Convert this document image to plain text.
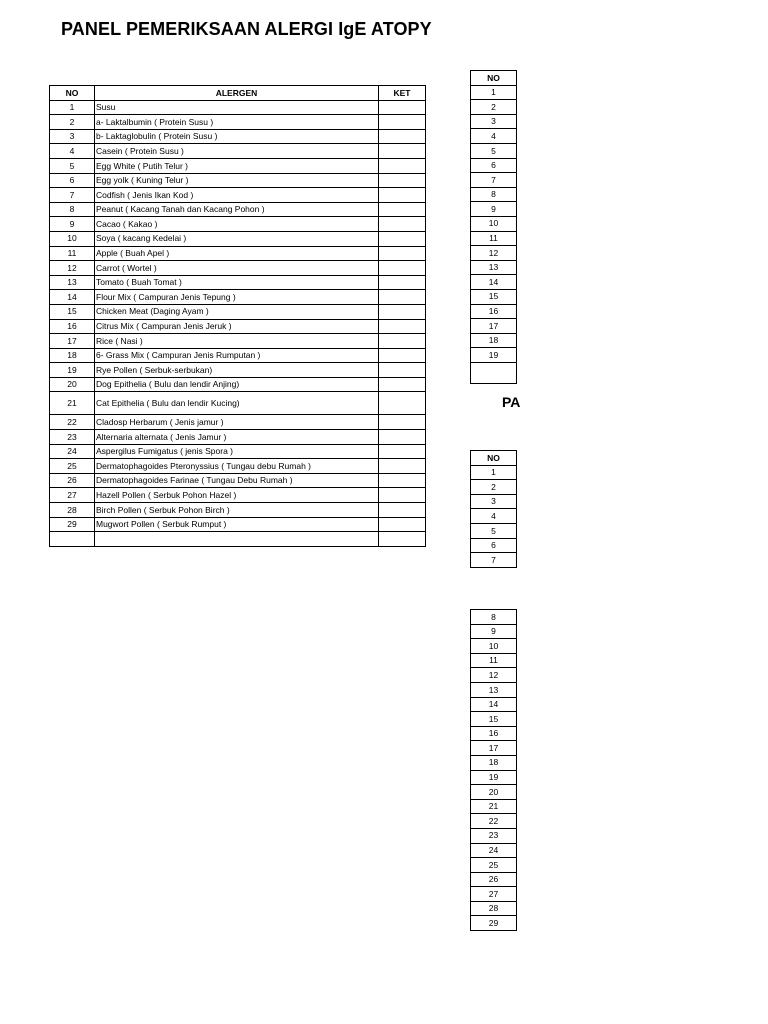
PANEL PEMERIKSAAN ALERGI IgE ATOPY
NO	ALERGEN	KET
1	Susu	
2	a- Laktalbumin ( Protein Susu )	
3	b- Laktaglobulin ( Protein Susu )	
4	Casein ( Protein Susu )	
5	Egg White ( Putih Telur )	
6	Egg yolk ( Kuning Telur )	
7	Codfish ( Jenis Ikan Kod )	
8	Peanut ( Kacang Tanah dan Kacang Pohon )	
9	Cacao ( Kakao )	
10	Soya ( kacang Kedelai )	
11	Apple ( Buah Apel )	
12	Carrot ( Wortel )	
13	Tomato ( Buah Tomat )	
14	Flour Mix ( Campuran Jenis Tepung )	
15	Chicken Meat (Daging Ayam )	
16	Citrus Mix ( Campuran Jenis Jeruk )	
17	Rice ( Nasi )	
18	6- Grass Mix ( Campuran Jenis Rumputan )	
19	Rye Pollen ( Serbuk-serbukan)	
20	Dog Epithelia ( Bulu dan lendir Anjing)	
21	Cat Epithelia ( Bulu dan lendir Kucing)	
22	Cladosp Herbarum ( Jenis jamur )	
23	Alternaria alternata ( Jenis Jamur )	
24	Aspergilus Fumigatus ( jenis Spora )	
25	Dermatophagoides Pteronyssius ( Tungau debu Rumah )	
26	Dermatophagoides Farinae ( Tungau Debu Rumah )	
27	Hazell Pollen ( Serbuk Pohon Hazel )	
28	Birch Pollen ( Serbuk Pohon Birch )	
29	Mugwort Pollen ( Serbuk Rumput )	

NO
1
2
3
4
5
6
7
8
9
10
11
12
13
14
15
16
17
18
19

PA
NO
1
2
3
4
5
6
7
8
9
10
11
12
13
14
15
16
17
18
19
20
21
22
23
24
25
26
27
28
29
